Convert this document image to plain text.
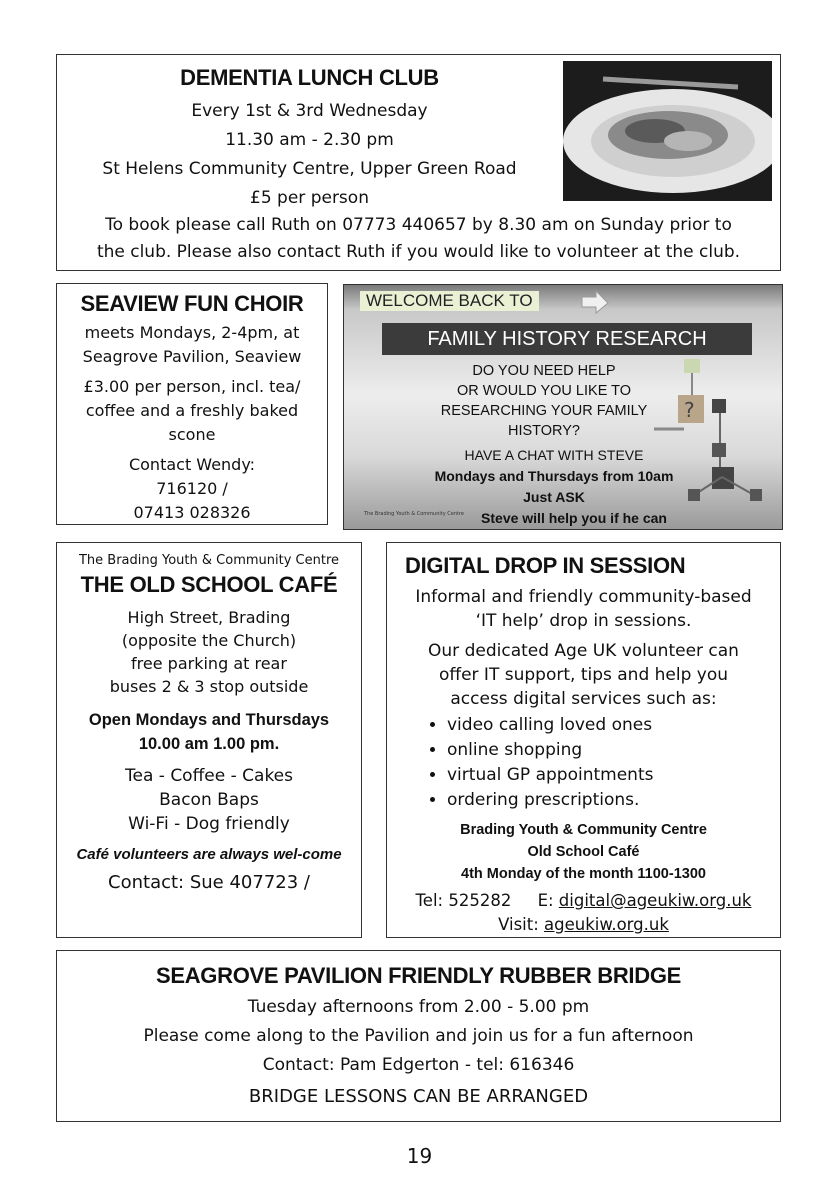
DEMENTIA LUNCH CLUB

Every 1st & 3rd Wednesday

11.30 am - 2.30 pm

St Helens Community Centre, Upper Green Road

£5 per person

To book please call Ruth on 07773 440657 by 8.30 am on Sunday prior to

the club. Please also contact Ruth if you would like to volunteer at the club.

SEAVIEW FUN CHOIR

meets Mondays, 2-4pm, at

Seagrove Pavilion, Seaview

£3.00 per person, incl. tea/

coffee and a freshly baked

scone

Contact Wendy:

716120 /

07413 028326

WELCOME BACK TO
FAMILY HISTORY RESEARCH
DO YOU NEED HELP
OR WOULD YOU LIKE TO
RESEARCHING YOUR FAMILY
HISTORY?
?
HAVE A CHAT WITH STEVE
Mondays and Thursdays from 10am
Just ASK
Steve will help you if he can
The Brading Youth & Community Centre
The Brading Youth & Community Centre
THE OLD SCHOOL CAFÉ

High Street, Brading

(opposite the Church)

free parking at rear

buses 2 & 3 stop outside

Open Mondays and Thursdays

10.00 am 1.00 pm.

Tea - Coffee - Cakes

Bacon Baps

Wi-Fi - Dog friendly

Café volunteers are always wel-come
Contact: Sue 407723 /
DIGITAL DROP IN SESSION

Informal and friendly community-based

‘IT help’ drop in sessions.

Our dedicated Age UK volunteer can

offer IT support, tips and help you

access digital services such as:

• video calling loved ones
• online shopping
• virtual GP appointments
• ordering prescriptions.

Brading Youth & Community Centre

Old School Café

4th Monday of the month 1100-1300

Tel: 525282 E: digital@ageukiw.org.uk

Visit: ageukiw.org.uk

SEAGROVE PAVILION FRIENDLY RUBBER BRIDGE

Tuesday afternoons from 2.00 - 5.00 pm

Please come along to the Pavilion and join us for a fun afternoon

Contact: Pam Edgerton - tel: 616346

BRIDGE LESSONS CAN BE ARRANGED
19
